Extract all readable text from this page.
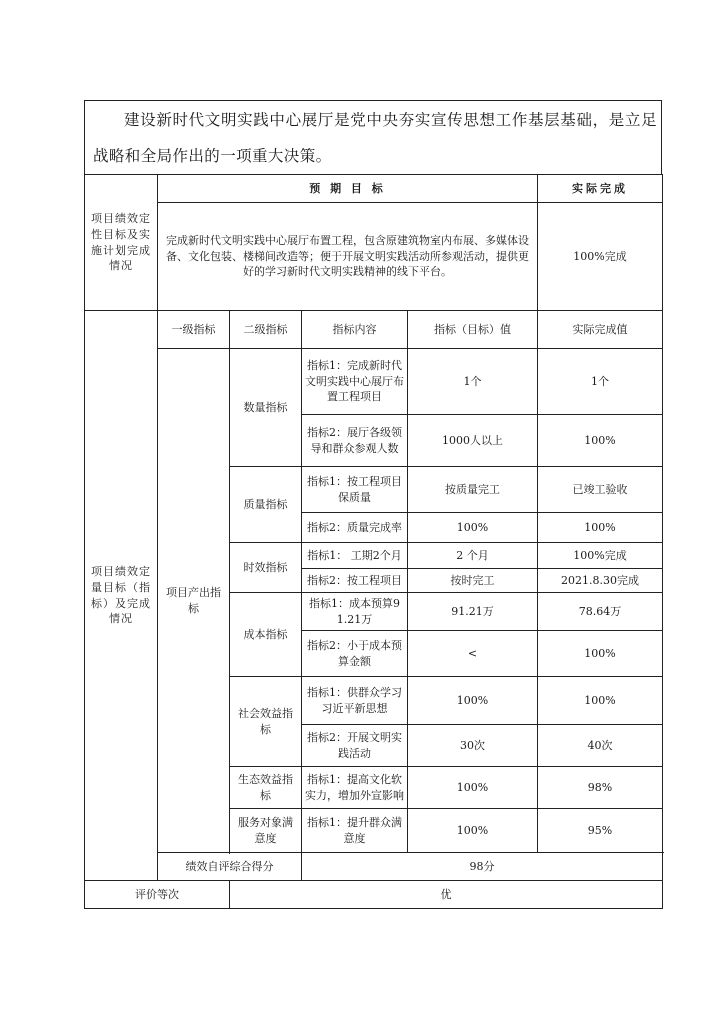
建设新时代文明实践中心展厅是党中央夯实宣传思想工作基层基础，是立足战略和全局作出的一项重大决策。
项目绩效定性目标及实施计划完成情况	预 期 目 标				实际完成
	完成新时代文明实践中心展厅布置工程，包含原建筑物室内布展、多媒体设备、文化包装、楼梯间改造等；便于开展文明实践活动所参观活动，提供更好的学习新时代文明实践精神的线下平台。				100%完成
项目绩效定量目标（指标）及完成情况	一级指标	二级指标	指标内容	指标（目标）值	实际完成值
	项目产出指标	数量指标	指标1：完成新时代文明实践中心展厅布置工程项目	1个	1个
			指标2：展厅各级领导和群众参观人数	1000人以上	100%
		质量指标	指标1：按工程项目保质量	按质量完工	已竣工验收
			指标2：质量完成率	100%	100%
		时效指标	指标1： 工期2个月	2 个月	100%完成
			指标2：按工程项目	按时完工	2021.8.30完成
		成本指标	指标1：成本预算91.21万	91.21万	78.64万
			指标2：小于成本预算金额	<	100%
		社会效益指标	指标1：供群众学习习近平新思想	100%	100%
			指标2：开展文明实践活动	30次	40次
		生态效益指标	指标1：提高文化软实力，增加外宣影响	100%	98%
		服务对象满意度	指标1：提升群众满意度	100%	95%

	绩效自评综合得分		98分		
评价等次		优			
